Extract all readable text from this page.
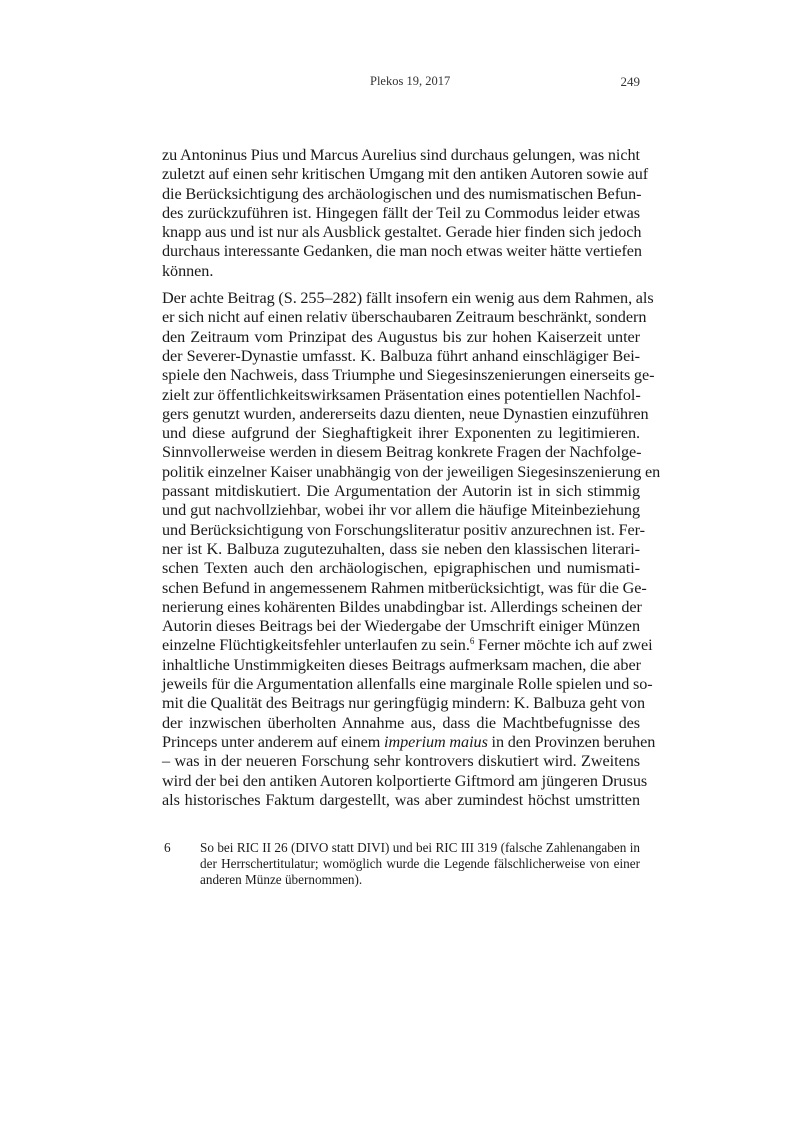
Plekos 19, 2017	249

zu Antoninus Pius und Marcus Aurelius sind durchaus gelungen, was nicht
zuletzt auf einen sehr kritischen Umgang mit den antiken Autoren sowie auf
die Berücksichtigung des archäologischen und des numismatischen Befun-
des zurückzuführen ist. Hingegen fällt der Teil zu Commodus leider etwas
knapp aus und ist nur als Ausblick gestaltet. Gerade hier finden sich jedoch
durchaus interessante Gedanken, die man noch etwas weiter hätte vertiefen
können.

Der achte Beitrag (S. 255–282) fällt insofern ein wenig aus dem Rahmen, als
er sich nicht auf einen relativ überschaubaren Zeitraum beschränkt, sondern
den Zeitraum vom Prinzipat des Augustus bis zur hohen Kaiserzeit unter
der Severer-Dynastie umfasst. K. Balbuza führt anhand einschlägiger Bei-
spiele den Nachweis, dass Triumphe und Siegesinszenierungen einerseits ge-
zielt zur öffentlichkeitswirksamen Präsentation eines potentiellen Nachfol-
gers genutzt wurden, andererseits dazu dienten, neue Dynastien einzuführen
und diese aufgrund der Sieghaftigkeit ihrer Exponenten zu legitimieren.
Sinnvollerweise werden in diesem Beitrag konkrete Fragen der Nachfolge-
politik einzelner Kaiser unabhängig von der jeweiligen Siegesinszenierung en
passant mitdiskutiert. Die Argumentation der Autorin ist in sich stimmig
und gut nachvollziehbar, wobei ihr vor allem die häufige Miteinbeziehung
und Berücksichtigung von Forschungsliteratur positiv anzurechnen ist. Fer-
ner ist K. Balbuza zugutezuhalten, dass sie neben den klassischen literari-
schen Texten auch den archäologischen, epigraphischen und numismati-
schen Befund in angemessenem Rahmen mitberücksichtigt, was für die Ge-
nerierung eines kohärenten Bildes unabdingbar ist. Allerdings scheinen der
Autorin dieses Beitrags bei der Wiedergabe der Umschrift einiger Münzen
einzelne Flüchtigkeitsfehler unterlaufen zu sein.$^6$ Ferner möchte ich auf zwei
inhaltliche Unstimmigkeiten dieses Beitrags aufmerksam machen, die aber
jeweils für die Argumentation allenfalls eine marginale Rolle spielen und so-
mit die Qualität des Beitrags nur geringfügig mindern: K. Balbuza geht von
der inzwischen überholten Annahme aus, dass die Machtbefugnisse des
Princeps unter anderem auf einem imperium maius in den Provinzen beruhen
– was in der neueren Forschung sehr kontrovers diskutiert wird. Zweitens
wird der bei den antiken Autoren kolportierte Giftmord am jüngeren Drusus
als historisches Faktum dargestellt, was aber zumindest höchst umstritten

6 So bei RIC II 26 (DIVO statt DIVI) und bei RIC III 319 (falsche Zahlenangaben in
der Herrschertitulatur; womöglich wurde die Legende fälschlicherweise von einer
anderen Münze übernommen).
